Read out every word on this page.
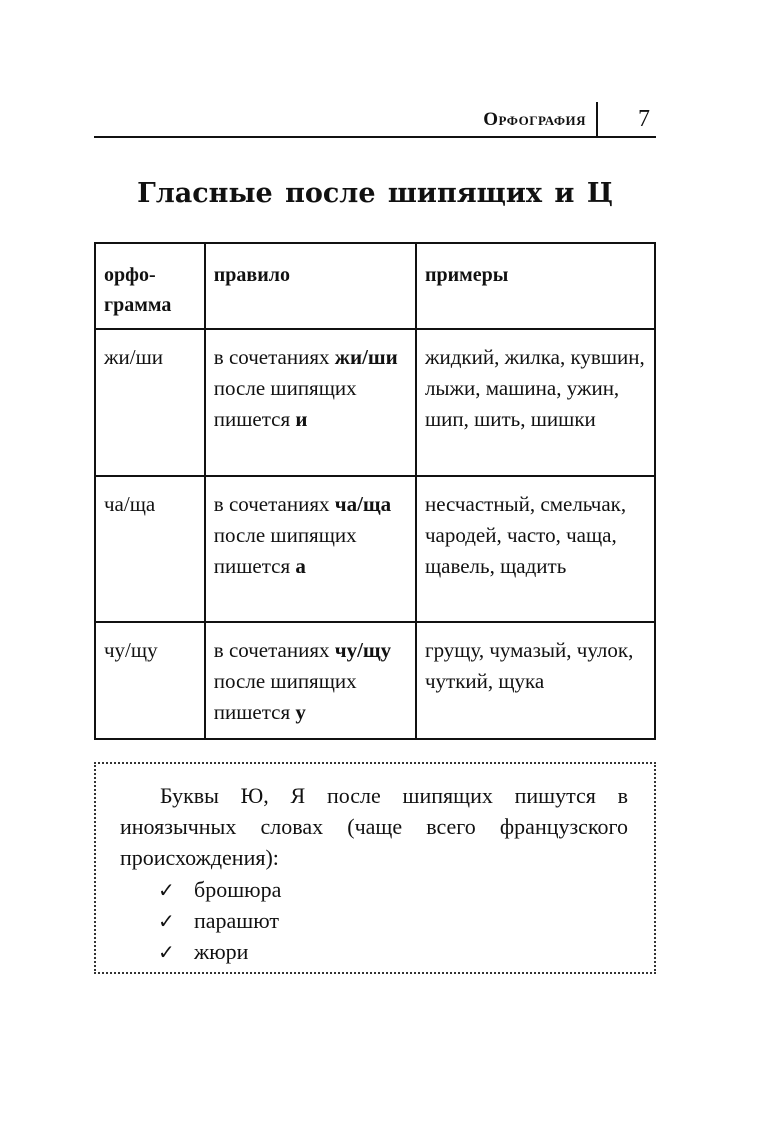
Орфография 7
Гласные после шипящих и Ц
орфо-
грамма	правило	примеры
жи/ши	в сочетаниях жи/ши после шипящих пишется и	жидкий, жилка, кувшин, лыжи, машина, ужин, шип, шить, шишки
ча/ща	в сочетаниях ча/ща после шипящих пишется а	несчастный, смельчак, чародей, часто, чаща, щавель, щадить
чу/щу	в сочетаниях чу/щу после шипящих пишется у	грущу, чумазый, чулок, чуткий, щука
Буквы Ю, Я после шипящих пишутся в иноязычных словах (чаще всего французского происхождения):
✓ брошюра
✓ парашют
✓ жюри
